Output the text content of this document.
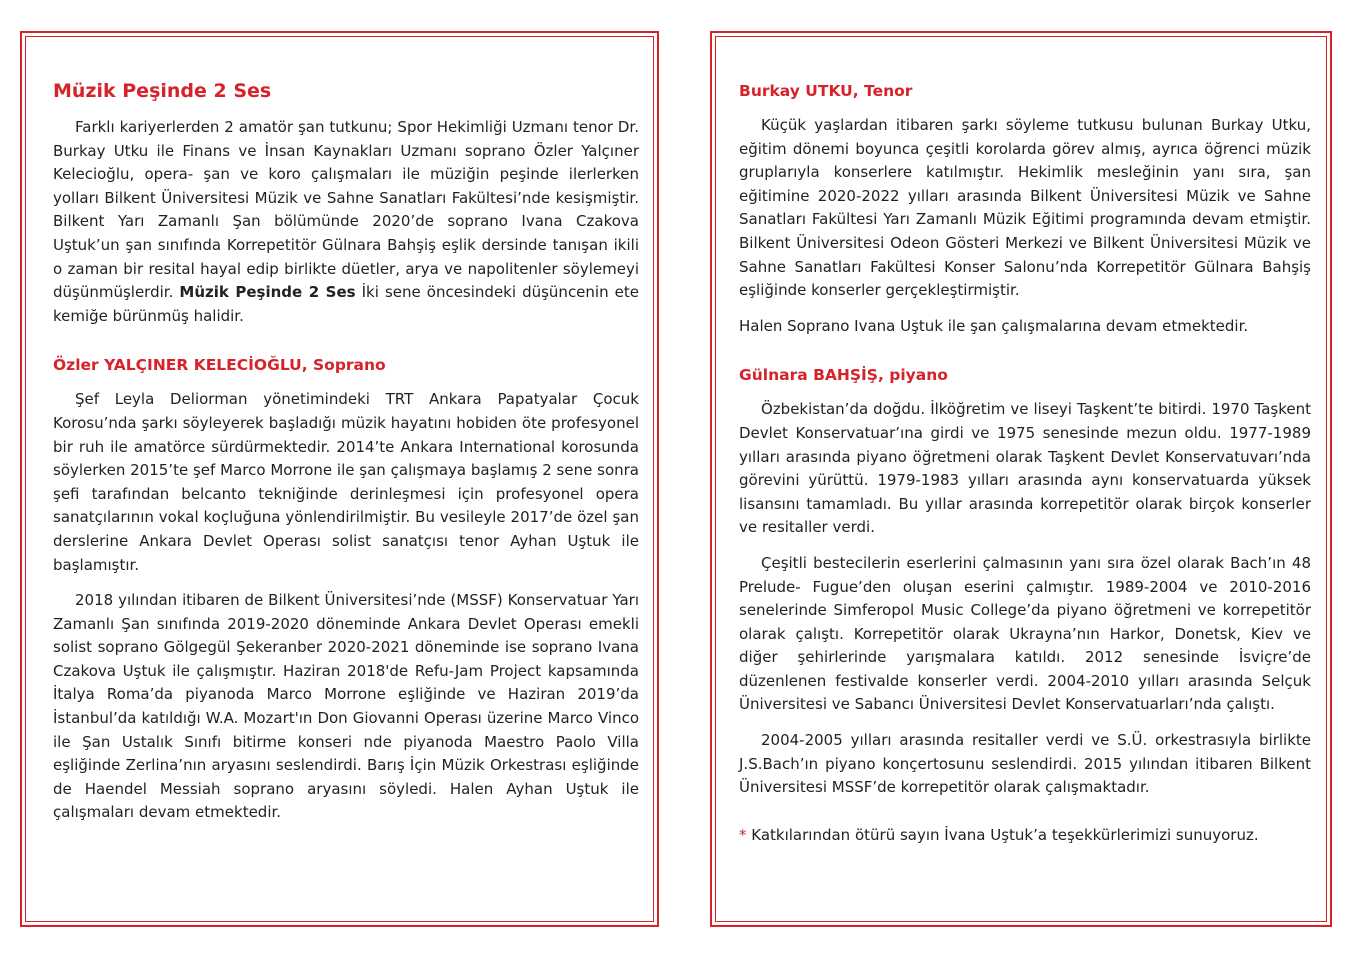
Müzik Peşinde 2 Ses

Farklı kariyerlerden 2 amatör şan tutkunu; Spor Hekimliği Uzmanı tenor Dr. Burkay Utku ile Finans ve İnsan Kaynakları Uzmanı soprano Özler Yalçıner Kelecioğlu, opera- şan ve koro çalışmaları ile müziğin peşinde ilerlerken yolları Bilkent Üniversitesi Müzik ve Sahne Sanatları Fakültesi’nde kesişmiştir. Bilkent Yarı Zamanlı Şan bölümünde 2020’de soprano Ivana Czakova Uştuk’un şan sınıfında Korrepetitör Gülnara Bahşiş eşlik dersinde tanışan ikili o zaman bir resital hayal edip birlikte düetler, arya ve napolitenler söylemeyi düşünmüşlerdir. Müzik Peşinde 2 Ses İki sene öncesindeki düşüncenin ete kemiğe bürünmüş halidir.

Özler YALÇINER KELECİOĞLU, Soprano

Şef Leyla Deliorman yönetimindeki TRT Ankara Papatyalar Çocuk Korosu’nda şarkı söyleyerek başladığı müzik hayatını hobiden öte profesyonel bir ruh ile amatörce sürdürmektedir. 2014’te Ankara International korosunda söylerken 2015’te şef Marco Morrone ile şan çalışmaya başlamış 2 sene sonra şefi tarafından belcanto tekniğinde derinleşmesi için profesyonel opera sanatçılarının vokal koçluğuna yönlendirilmiştir. Bu vesileyle 2017’de özel şan derslerine Ankara Devlet Operası solist sanatçısı tenor Ayhan Uştuk ile başlamıştır.

2018 yılından itibaren de Bilkent Üniversitesi’nde (MSSF) Konservatuar Yarı Zamanlı Şan sınıfında 2019-2020 döneminde Ankara Devlet Operası emekli solist soprano Gölgegül Şekeranber 2020-2021 döneminde ise soprano Ivana Czakova Uştuk ile çalışmıştır. Haziran 2018'de Refu-Jam Project kapsamında İtalya Roma’da piyanoda Marco Morrone eşliğinde ve Haziran 2019’da İstanbul’da katıldığı W.A. Mozart'ın Don Giovanni Operası üzerine Marco Vinco ile Şan Ustalık Sınıfı bitirme konseri nde piyanoda Maestro Paolo Villa eşliğinde Zerlina’nın aryasını seslendirdi. Barış İçin Müzik Orkestrası eşliğinde de Haendel Messiah soprano aryasını söyledi. Halen Ayhan Uştuk ile çalışmaları devam etmektedir.

Burkay UTKU, Tenor

Küçük yaşlardan itibaren şarkı söyleme tutkusu bulunan Burkay Utku, eğitim dönemi boyunca çeşitli korolarda görev almış, ayrıca öğrenci müzik gruplarıyla konserlere katılmıştır. Hekimlik mesleğinin yanı sıra, şan eğitimine 2020-2022 yılları arasında Bilkent Üniversitesi Müzik ve Sahne Sanatları Fakültesi Yarı Zamanlı Müzik Eğitimi programında devam etmiştir. Bilkent Üniversitesi Odeon Gösteri Merkezi ve Bilkent Üniversitesi Müzik ve Sahne Sanatları Fakültesi Konser Salonu’nda Korrepetitör Gülnara Bahşiş eşliğinde konserler gerçekleştirmiştir.

Halen Soprano Ivana Uştuk ile şan çalışmalarına devam etmektedir.

Gülnara BAHŞİŞ, piyano

Özbekistan’da doğdu. İlköğretim ve liseyi Taşkent’te bitirdi. 1970 Taşkent Devlet Konservatuar’ına girdi ve 1975 senesinde mezun oldu. 1977-1989 yılları arasında piyano öğretmeni olarak Taşkent Devlet Konservatuvarı’nda görevini yürüttü. 1979-1983 yılları arasında aynı konservatuarda yüksek lisansını tamamladı. Bu yıllar arasında korrepetitör olarak birçok konserler ve resitaller verdi.

Çeşitli bestecilerin eserlerini çalmasının yanı sıra özel olarak Bach’ın 48 Prelude- Fugue’den oluşan eserini çalmıştır. 1989-2004 ve 2010-2016 senelerinde Simferopol Music College’da piyano öğretmeni ve korrepetitör olarak çalıştı. Korrepetitör olarak Ukrayna’nın Harkor, Donetsk, Kiev ve diğer şehirlerinde yarışmalara katıldı. 2012 senesinde İsviçre’de düzenlenen festivalde konserler verdi. 2004-2010 yılları arasında Selçuk Üniversitesi ve Sabancı Üniversitesi Devlet Konservatuarları’nda çalıştı.

2004-2005 yılları arasında resitaller verdi ve S.Ü. orkestrasıyla birlikte J.S.Bach’ın piyano konçertosunu seslendirdi. 2015 yılından itibaren Bilkent Üniversitesi MSSF’de korrepetitör olarak çalışmaktadır.

* Katkılarından ötürü sayın İvana Uştuk’a teşekkürlerimizi sunuyoruz.
